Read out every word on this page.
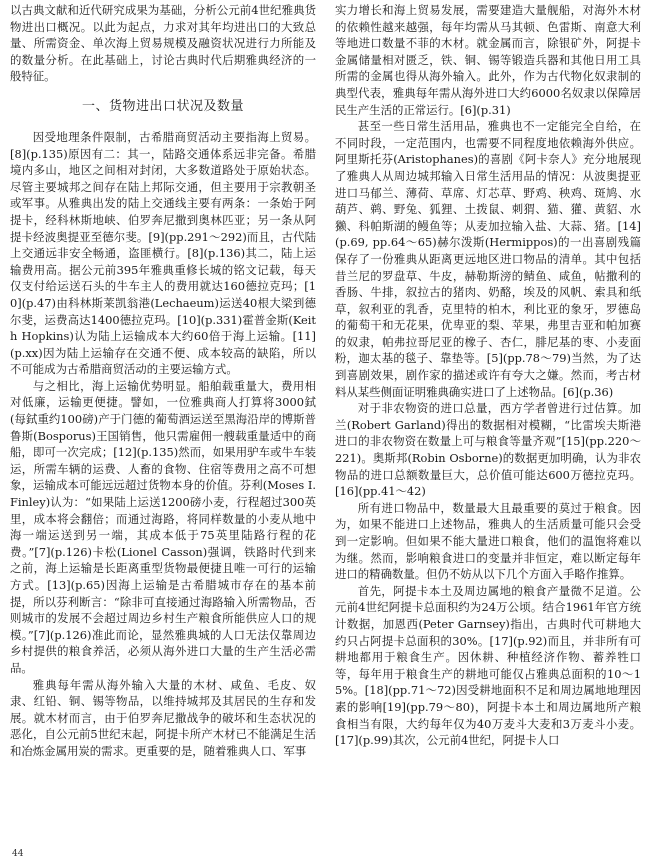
以古典文献和近代研究成果为基础，分析公元前4世纪雅典货物进出口概况。以此为起点，力求对其年均进出口的大致总量、所需资金、单次海上贸易规模及融资状况进行力所能及的数量分析。在此基础上，讨论古典时代后期雅典经济的一般特征。

一、货物进出口状况及数量

因受地理条件限制，古希腊商贸活动主要指海上贸易。[8](p.135)原因有二：其一，陆路交通体系远非完备。希腊境内多山，地区之间相对封闭，大多数道路处于原始状态。尽管主要城邦之间存在陆上邦际交通，但主要用于宗教朝圣或军事。从雅典出发的陆上交通线主要有两条：一条始于阿提卡，经科林斯地峡、伯罗奔尼撒到奥林匹亚；另一条从阿提卡经波奥提亚至德尔斐。[9](pp.291～292)而且，古代陆上交通远非安全畅通，盗匪横行。[8](p.136)其二，陆上运输费用高。据公元前395年雅典重修长城的铭文记载，每天仅支付给运送石头的牛车主人的费用就达160德拉克玛；[10](p.47)由科林斯莱凯翁港(Lechaeum)运送40根大梁到德尔斐，运费高达1400德拉克玛。[10](p.331)霍普金斯(Keith Hopkins)认为陆上运输成本大约60倍于海上运输。[11](p.xx)因为陆上运输存在交通不便、成本较高的缺陷，所以不可能成为古希腊商贸活动的主要运输方式。

与之相比，海上运输优势明显。船舶载重量大，费用相对低廉，运输更便捷。譬如，一位雅典商人打算将3000鉽(每鉽重约100磅)产于门德的葡萄酒运送至黑海沿岸的博斯普鲁斯(Bosporus)王国销售，他只需雇佣一艘载重量适中的商船，即可一次完成；[12](p.135)然而，如果用驴车或牛车装运，所需车辆的运费、人畜的食物、住宿等费用之高不可想象，运输成本可能远远超过货物本身的价值。芬利(Moses I. Finley)认为：“如果陆上运送1200磅小麦，行程超过300英里，成本将会翻倍；而通过海路，将同样数量的小麦从地中海一端运送到另一端，其成本低于75英里陆路行程的花费。”[7](p.126)卡松(Lionel Casson)强调，铁路时代到来之前，海上运输是长距离重型货物最便捷且唯一可行的运输方式。[13](p.65)因海上运输是古希腊城市存在的基本前提，所以芬利断言：“除非可直接通过海路输入所需物品，否则城市的发展不会超过周边乡村生产粮食所能供应人口的规模。”[7](p.126)准此而论，显然雅典城的人口无法仅靠周边乡村提供的粮食养活，必须从海外进口大量的生产生活必需品。

雅典每年需从海外输入大量的木材、咸鱼、毛皮、奴隶、红铅、铜、锡等物品，以维持城邦及其居民的生存和发展。就木材而言，由于伯罗奔尼撒战争的破坏和生态状况的恶化，自公元前5世纪末起，阿提卡所产木材已不能满足生活和冶炼金属用炭的需求。更重要的是，随着雅典人口、军事

实力增长和海上贸易发展，需要建造大量舰船，对海外木材的依赖性越来越强，每年均需从马其顿、色雷斯、南意大利等地进口数量不菲的木材。就金属而言，除银矿外，阿提卡金属储量相对匮乏，铁、铜、锡等锻造兵器和其他日用工具所需的金属也得从海外输入。此外，作为古代物化奴隶制的典型代表，雅典每年需从海外进口大约6000名奴隶以保障居民生产生活的正常运行。[6](p.31)

甚至一些日常生活用品，雅典也不一定能完全自给，在不同时段，一定范围内，也需要不同程度地依赖海外供应。阿里斯托芬(Aristophanes)的喜剧《阿卡奈人》充分地展现了雅典人从周边城邦输入日常生活用品的情况：从波奥提亚进口马郁兰、薄荷、草席、灯芯草、野鸡、秧鸡、斑鸠、水葫芦、鹈、野兔、狐狸、土拨鼠、刺猬、猫、獾、黄貂、水獭、科帕斯湖的鳗鱼等；从麦加拉输入盐、大蒜、猪。[14](p.69, pp.64～65)赫尔泼斯(Hermippos)的一出喜剧残篇保存了一份雅典从距离更远地区进口物品的清单。其中包括昔兰尼的罗盘草、牛皮，赫勒斯滂的鲭鱼、咸鱼，帖撒利的香肠、牛排，叙拉古的猪肉、奶酪，埃及的风帆、索具和纸草，叙利亚的乳香，克里特的柏木，利比亚的象牙，罗德岛的葡萄干和无花果，优卑亚的梨、苹果，弗里吉亚和帕加赛的奴隶，帕弗拉哥尼亚的橡子、杏仁，腓尼基的枣、小麦面粉，迦太基的毯子、靠垫等。[5](pp.78～79)当然，为了达到喜剧效果，剧作家的描述或许有夸大之嫌。然而，考古材料从某些侧面证明雅典确实进口了上述物品。[6](p.36)

对于非农物资的进口总量，西方学者曾进行过估算。加兰(Robert Garland)得出的数据相对模糊，“比雷埃夫斯港进口的非农物资在数量上可与粮食等量齐观”[15](pp.220～221)。奥斯邦(Robin Osborne)的数据更加明确，认为非农物品的进口总额数量巨大，总价值可能达600万德拉克玛。[16](pp.41～42)

所有进口物品中，数量最大且最重要的莫过于粮食。因为，如果不能进口上述物品，雅典人的生活质量可能只会受到一定影响。但如果不能大量进口粮食，他们的温饱将难以为继。然而，影响粮食进口的变量并非恒定，难以断定每年进口的精确数量。但仍不妨从以下几个方面入手略作推算。

首先，阿提卡本土及周边属地的粮食产量微不足道。公元前4世纪阿提卡总面积约为24万公顷。结合1961年官方统计数据，加恩西(Peter Garnsey)指出，古典时代可耕地大约只占阿提卡总面积的30%。[17](p.92)而且，并非所有可耕地都用于粮食生产。因休耕、种植经济作物、蓄养牲口等，每年用于粮食生产的耕地可能仅占雅典总面积的10～15%。[18](pp.71～72)因受耕地面积不足和周边属地地理因素的影响[19](pp.79～80)，阿提卡本土和周边属地所产粮食相当有限，大约每年仅为40万麦斗大麦和3万麦斗小麦。[17](p.99)其次，公元前4世纪，阿提卡人口

44
